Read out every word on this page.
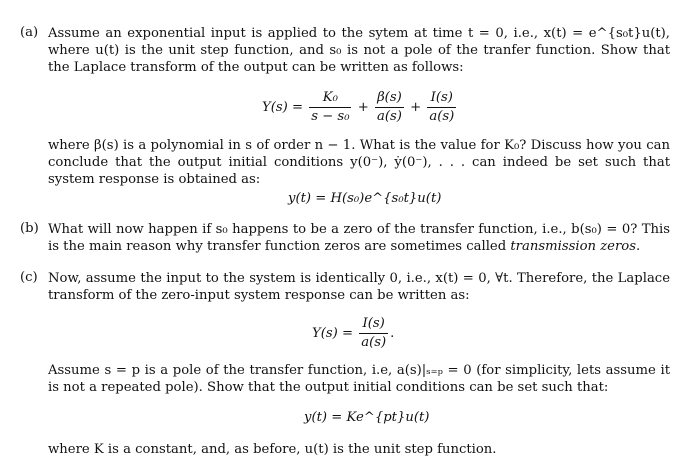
(a) Assume an exponential input is applied to the sytem at time t = 0, i.e., x(t) = e^{s₀t}u(t), where u(t) is the unit step function, and s₀ is not a pole of the tranfer function. Show that the Laplace transform of the output can be written as follows:

$Y(s) = \frac{\text{K₀}}{\text{s − s₀}} + \frac{\beta(s)}{a(s)} + \frac{I(s)}{a(s)}$

where β(s) is a polynomial in s of order n − 1. What is the value for K₀? Discuss how you can conclude that the output initial conditions y(0⁻), ẏ(0⁻), . . . can indeed be set such that system response is obtained as:

y(t) = H(s₀)e^{s₀t}u(t)
(b) What will now happen if s₀ happens to be a zero of the transfer function, i.e., b(s₀) = 0? This is the main reason why transfer function zeros are sometimes called transmission zeros.

(c) Now, assume the input to the system is identically 0, i.e., x(t) = 0, ∀t. Therefore, the Laplace transform of the zero-input system response can be written as:

$Y(s) = \frac{I(s)}{a(s)}$ .

Assume s = p is a pole of the transfer function, i.e, a(s)|ₛ₌ₚ = 0 (for simplicity, lets assume it is not a repeated pole). Show that the output initial conditions can be set such that:

y(t) = Ke^{pt}u(t)

where K is a constant, and, as before, u(t) is the unit step function.
